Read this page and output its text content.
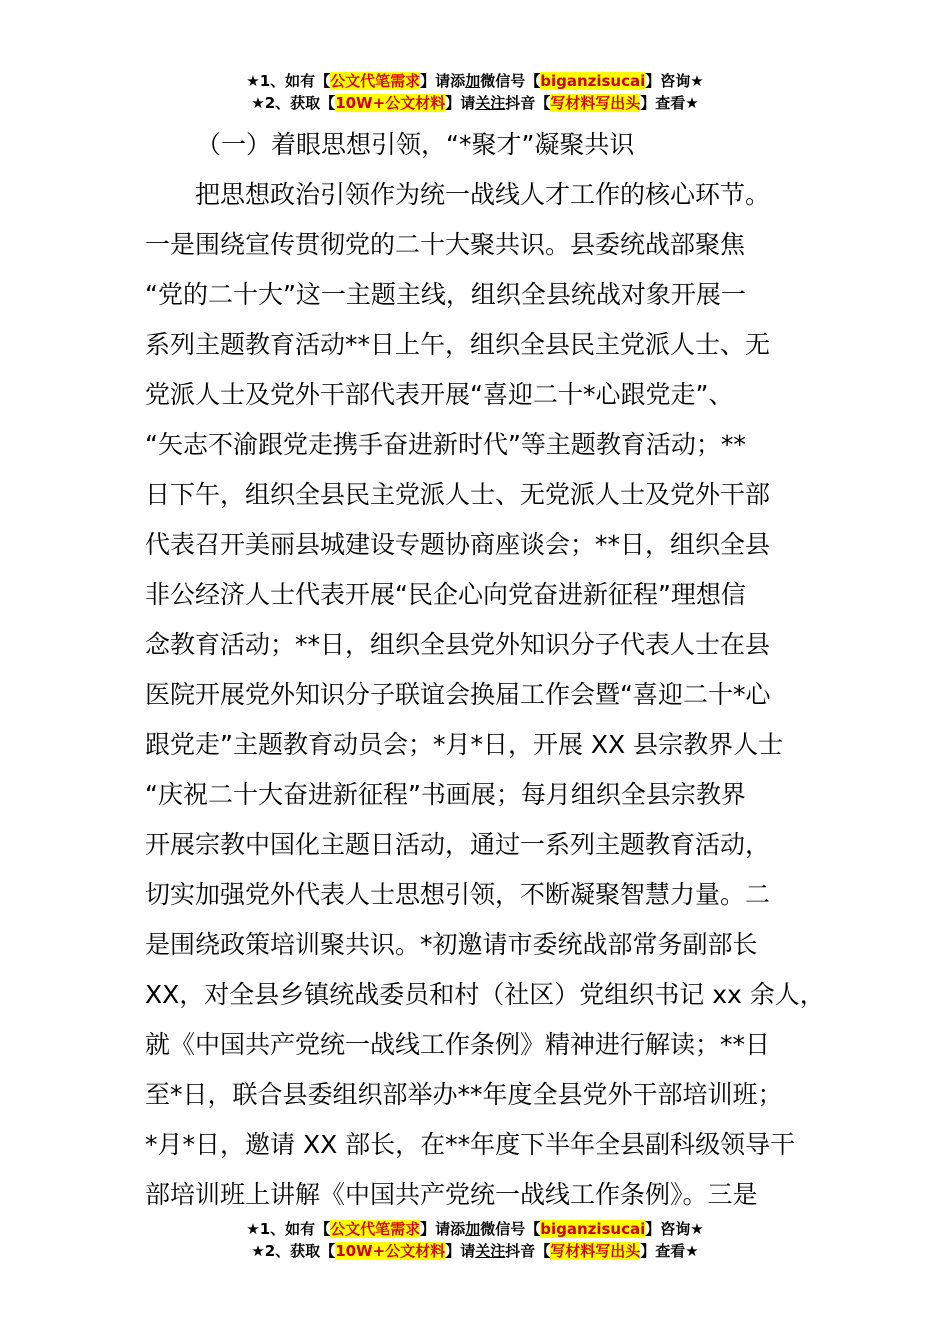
★1、如有【公文代笔需求】请添加微信号【biganzisucai】咨询★
★2、获取【10W+公文材料】请关注抖音【写材料写出头】查看★
（一）着眼思想引领，“*聚才”凝聚共识
　　把思想政治引领作为统一战线人才工作的核心环节。
一是围绕宣传贯彻党的二十大聚共识。县委统战部聚焦
“党的二十大”这一主题主线，组织全县统战对象开展一
系列主题教育活动**日上午，组织全县民主党派人士、无
党派人士及党外干部代表开展“喜迎二十*心跟党走”、
“矢志不渝跟党走携手奋进新时代”等主题教育活动；**
日下午，组织全县民主党派人士、无党派人士及党外干部
代表召开美丽县城建设专题协商座谈会；**日，组织全县
非公经济人士代表开展“民企心向党奋进新征程”理想信
念教育活动；**日，组织全县党外知识分子代表人士在县
医院开展党外知识分子联谊会换届工作会暨“喜迎二十*心
跟党走”主题教育动员会；*月*日，开展 XX 县宗教界人士
“庆祝二十大奋进新征程”书画展；每月组织全县宗教界
开展宗教中国化主题日活动，通过一系列主题教育活动，
切实加强党外代表人士思想引领，不断凝聚智慧力量。二
是围绕政策培训聚共识。*初邀请市委统战部常务副部长
XX，对全县乡镇统战委员和村（社区）党组织书记 xx 余人，
就《中国共产党统一战线工作条例》精神进行解读；**日
至*日，联合县委组织部举办**年度全县党外干部培训班；
*月*日，邀请 XX 部长，在**年度下半年全县副科级领导干
部培训班上讲解《中国共产党统一战线工作条例》。三是
★1、如有【公文代笔需求】请添加微信号【biganzisucai】咨询★
★2、获取【10W+公文材料】请关注抖音【写材料写出头】查看★
